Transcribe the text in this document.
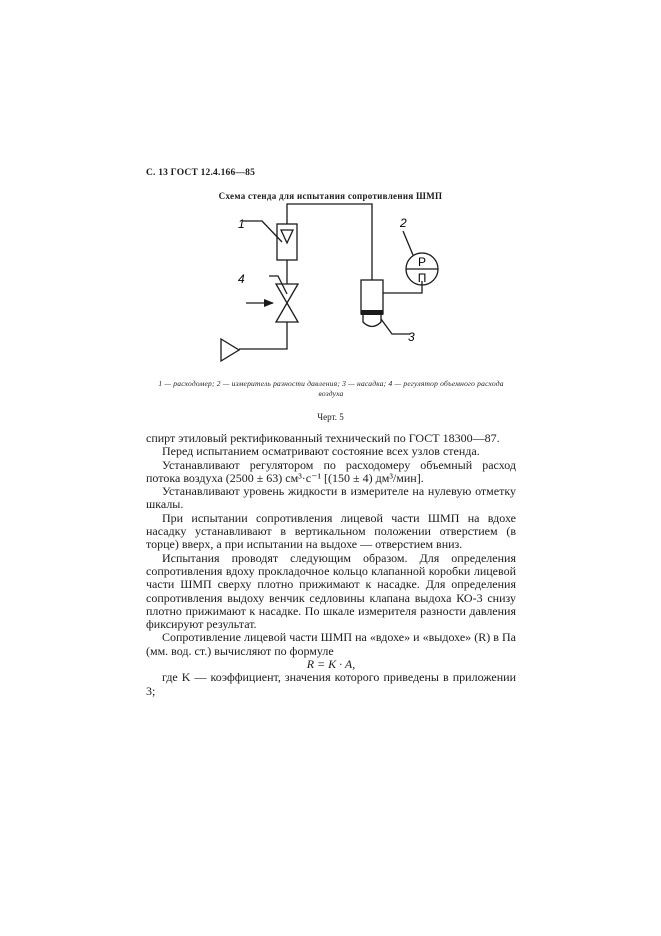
С. 13 ГОСТ 12.4.166—85
Схема стенда для испытания сопротивления ШМП
Р
П
1	2
3
4
1 — расходомер; 2 — измеритель разности давления; 3 — насадка; 4 — регулятор объемного расхода воздуха
Черт. 5

спирт этиловый ректификованный технический по ГОСТ 18300—87.

Перед испытанием осматривают состояние всех узлов стенда.

Устанавливают регулятором по расходомеру объемный расход потока воздуха (2500 ± 63) см³·с⁻¹ [(150 ± 4) дм³/мин].

Устанавливают уровень жидкости в измерителе на нулевую отметку шкалы.

При испытании сопротивления лицевой части ШМП на вдохе насадку устанавливают в вертикальном положении отверстием (в торце) вверх, а при испытании на выдохе — отверстием вниз.

Испытания проводят следующим образом. Для определения сопротивления вдоху прокладочное кольцо клапанной коробки лицевой части ШМП сверху плотно прижимают к насадке. Для определения сопротивления выдоху венчик седловины клапана выдоха КО-3 снизу плотно прижимают к насадке. По шкале измерителя разности давления фиксируют результат.

Сопротивление лицевой части ШМП на «вдохе» и «выдохе» (R) в Па (мм. вод. ст.) вычисляют по формуле

R = K · A,

где K — коэффициент, значения которого приведены в приложении 3;
